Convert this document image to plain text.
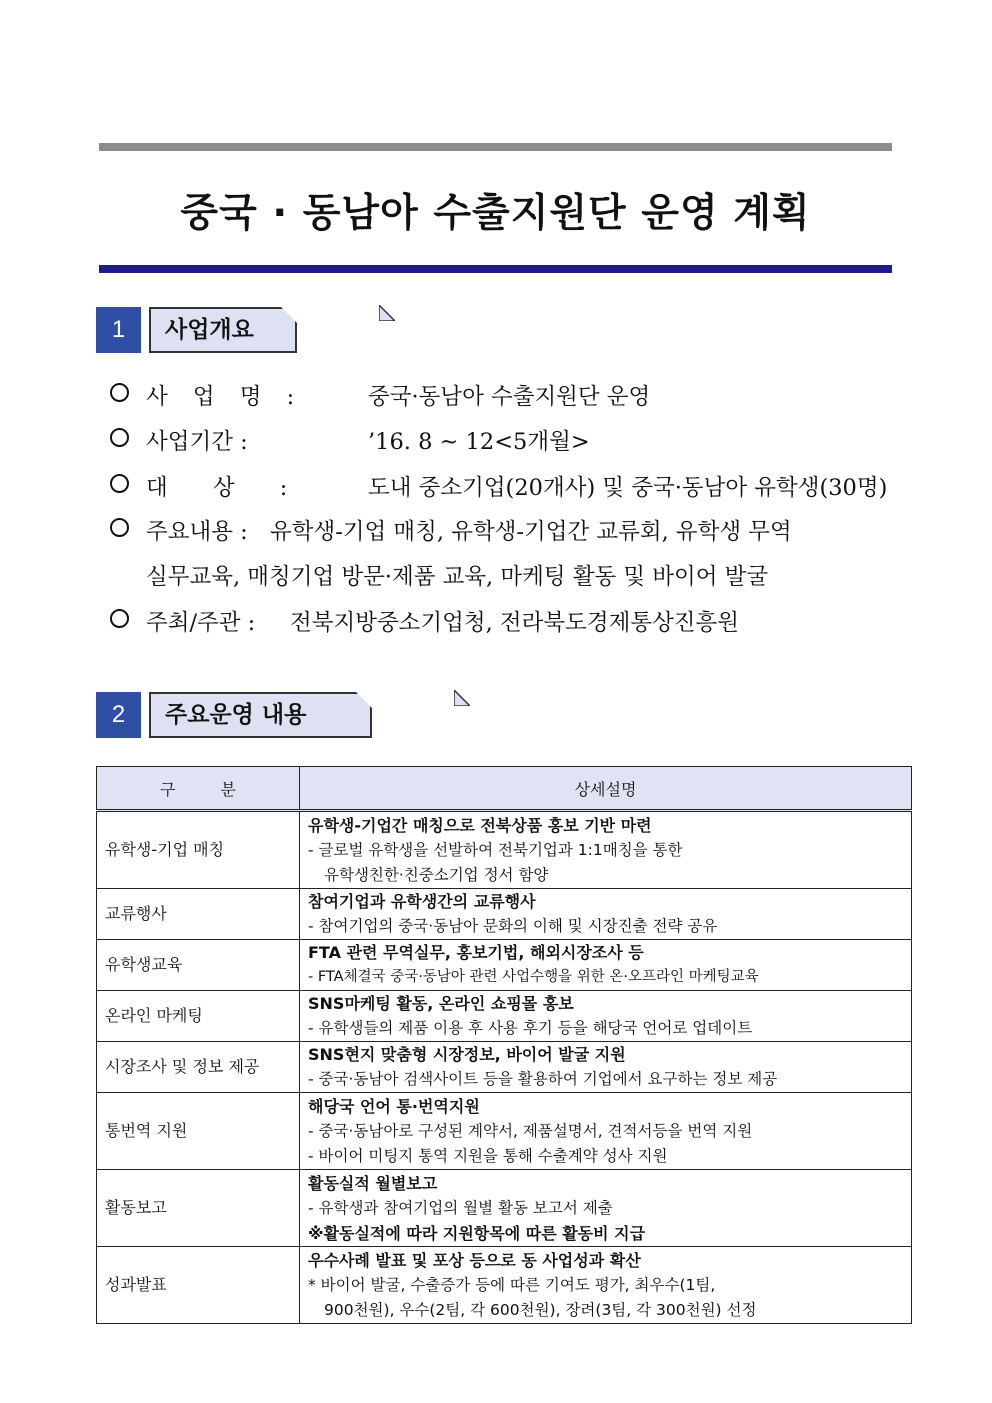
중국 · 동남아 수출지원단 운영 계획
1	사업개요
사 업 명 :	중국·동남아 수출지원단 운영
사업기간 :	’16. 8 ~ 12<5개월>
대 상 :	도내 중소기업(20개사) 및 중국·동남아 유학생(30명)
주요내용 : 유학생-기업 매칭, 유학생-기업간 교류회, 유학생 무역
실무교육, 매칭기업 방문·제품 교육, 마케팅 활동 및 바이어 발굴
주최/주관 : 전북지방중소기업청, 전라북도경제통상진흥원
2	주요운영 내용
구 분	상세설명
유학생-기업 매칭	유학생-기업간 매칭으로 전북상품 홍보 기반 마련
- 글로벌 유학생을 선발하여 전북기업과 1:1매칭을 통한
유학생친한·친중소기업 정서 함양

교류행사	참여기업과 유학생간의 교류행사
- 참여기업의 중국·동남아 문화의 이해 및 시장진출 전략 공유

유학생교육	FTA 관련 무역실무, 홍보기법, 해외시장조사 등
- FTA체결국 중국·동남아 관련 사업수행을 위한 온·오프라인 마케팅교육

온라인 마케팅	SNS마케팅 활동, 온라인 쇼핑몰 홍보
- 유학생들의 제품 이용 후 사용 후기 등을 해당국 언어로 업데이트

시장조사 및 정보 제공	SNS현지 맞춤형 시장정보, 바이어 발굴 지원
- 중국·동남아 검색사이트 등을 활용하여 기업에서 요구하는 정보 제공

통번역 지원	해당국 언어 통·번역지원
- 중국·동남아로 구성된 계약서, 제품설명서, 견적서등을 번역 지원
- 바이어 미팅지 통역 지원을 통해 수출계약 성사 지원

활동보고	활동실적 월별보고
- 유학생과 참여기업의 월별 활동 보고서 제출
※활동실적에 따라 지원항목에 따른 활동비 지급

성과발표	우수사례 발표 및 포상 등으로 동 사업성과 확산
* 바이어 발굴, 수출증가 등에 따른 기여도 평가, 최우수(1팀,
900천원), 우수(2팀, 각 600천원), 장려(3팀, 각 300천원) 선정
